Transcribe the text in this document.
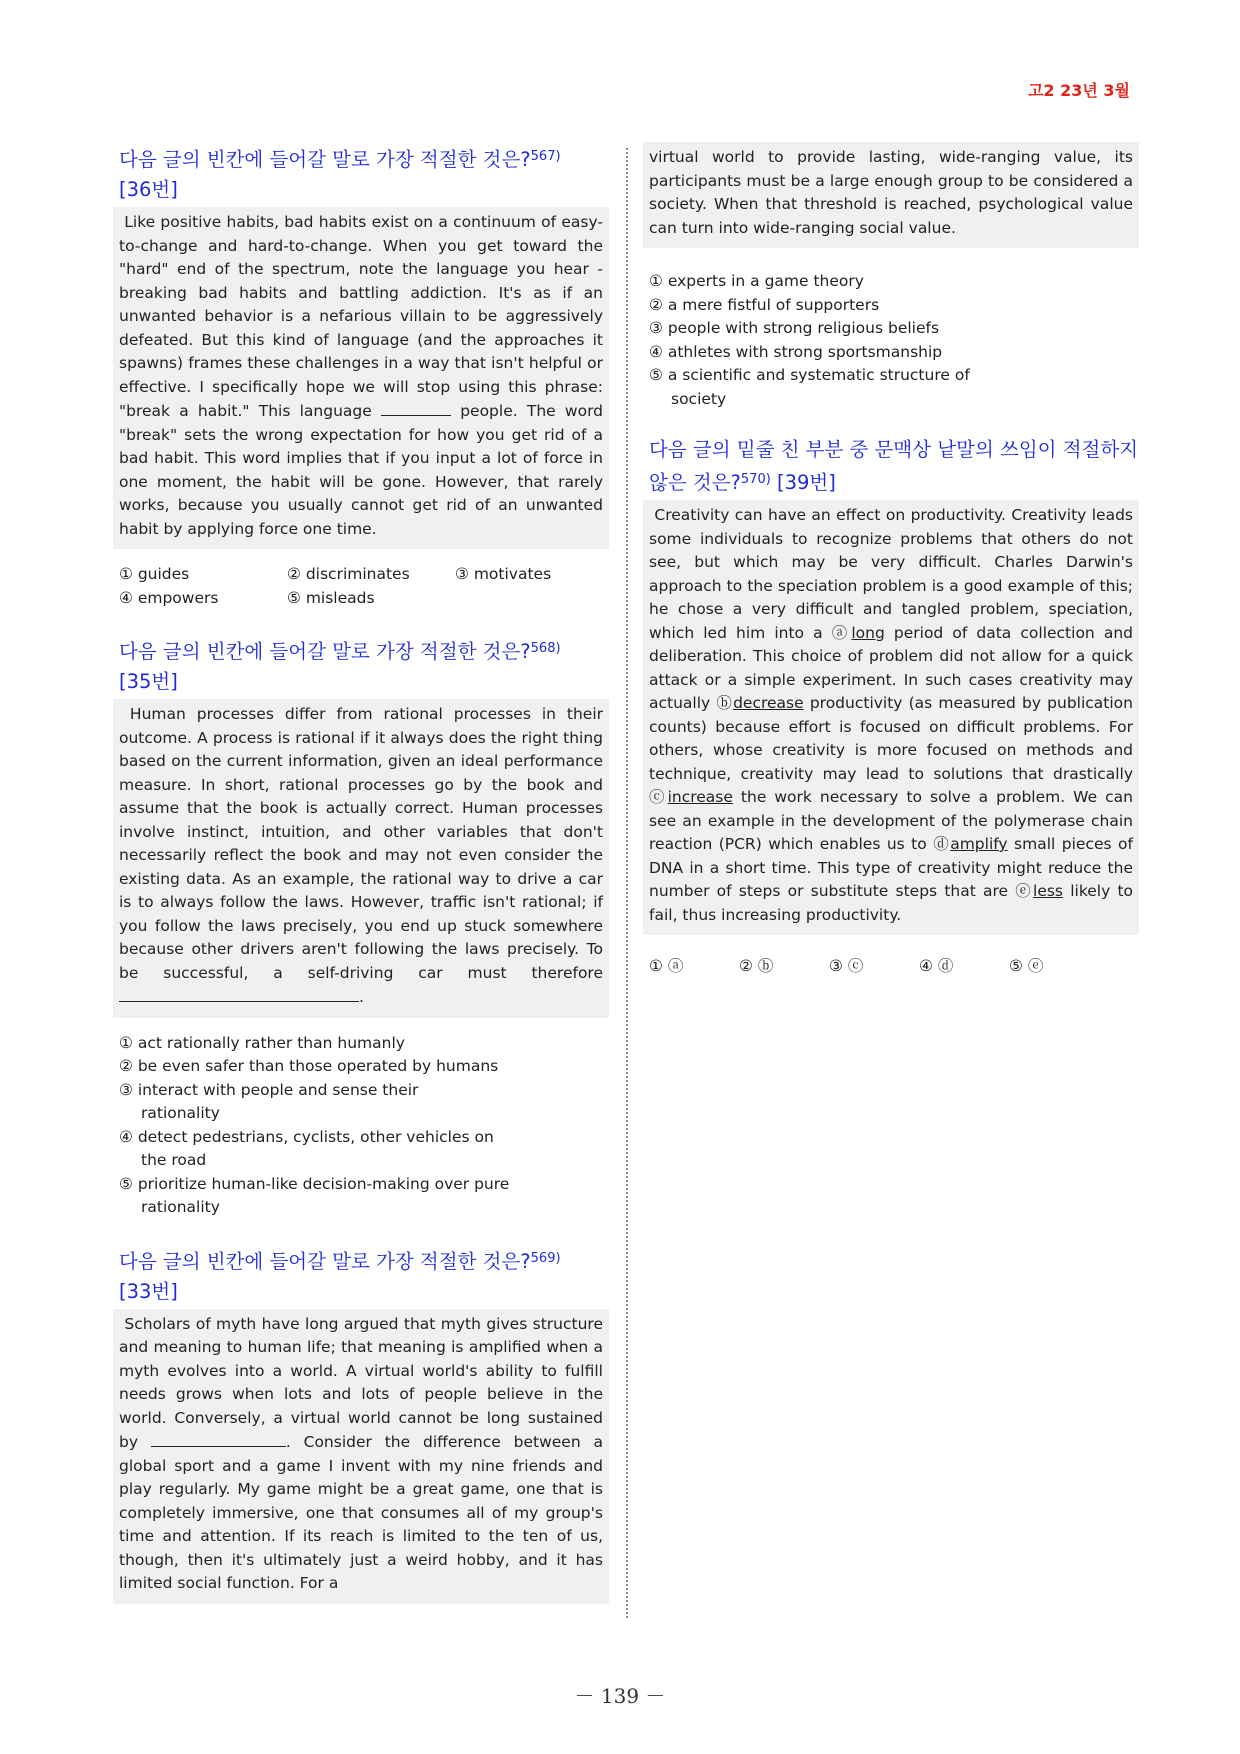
고2 23년 3월
다음 글의 빈칸에 들어갈 말로 가장 적절한 것은?$^{567)}$
[36번]

Like positive habits, bad habits exist on a continuum of easy-to-change and hard-to-change. When you get toward the "hard" end of the spectrum, note the language you hear - breaking bad habits and battling addiction. It's as if an unwanted behavior is a nefarious villain to be aggressively defeated. But this kind of language (and the approaches it spawns) frames these challenges in a way that isn't helpful or effective. I specifically hope we will stop using this phrase: "break a habit." This language	people. The word "break" sets the wrong expectation for how you get rid of a bad habit. This word implies that if you input a lot of force in one moment, the habit will be gone. However, that rarely works, because you usually cannot get rid of an unwanted habit by applying force one time.

① guides	② discriminates	③ motivates
④ empowers	⑤ misleads
다음 글의 빈칸에 들어갈 말로 가장 적절한 것은?$^{568)}$
[35번]

Human processes differ from rational processes in their outcome. A process is rational if it always does the right thing based on the current information, given an ideal performance measure. In short, rational processes go by the book and assume that the book is actually correct. Human processes involve instinct, intuition, and other variables that don't necessarily reflect the book and may not even consider the existing data. As an example, the rational way to drive a car is to always follow the laws. However, traffic isn't rational; if you follow the laws precisely, you end up stuck somewhere because other drivers aren't following the laws precisely. To be successful, a self-driving car must therefore .

① act rationally rather than humanly
② be even safer than those operated by humans
③ interact with people and sense their rationality
④ detect pedestrians, cyclists, other vehicles on the road
⑤ prioritize human-like decision-making over pure rationality
다음 글의 빈칸에 들어갈 말로 가장 적절한 것은?$^{569)}$
[33번]

Scholars of myth have long argued that myth gives structure and meaning to human life; that meaning is amplified when a myth evolves into a world. A virtual world's ability to fulfill needs grows when lots and lots of people believe in the world. Conversely, a virtual world cannot be long sustained by	. Consider the difference between a global sport and a game I invent with my nine friends and play regularly. My game might be a great game, one that is completely immersive, one that consumes all of my group's time and attention. If its reach is limited to the ten of us, though, then it's ultimately just a weird hobby, and it has limited social function. For a

virtual world to provide lasting, wide-ranging value, its participants must be a large enough group to be considered a society. When that threshold is reached, psychological value can turn into wide-ranging social value.

① experts in a game theory
② a mere fistful of supporters
③ people with strong religious beliefs
④ athletes with strong sportsmanship
⑤ a scientific and systematic structure of society
다음 글의 밑줄 친 부분 중 문맥상 낱말의 쓰임이 적절하지 않은 것은?$^{570)}$ [39번]

Creativity can have an effect on productivity. Creativity leads some individuals to recognize problems that others do not see, but which may be very difficult. Charles Darwin's approach to the speciation problem is a good example of this; he chose a very difficult and tangled problem, speciation, which led him into a ⓐlong period of data collection and deliberation. This choice of problem did not allow for a quick attack or a simple experiment. In such cases creativity may actually ⓑdecrease productivity (as measured by publication counts) because effort is focused on difficult problems. For others, whose creativity is more focused on methods and technique, creativity may lead to solutions that drastically ⓒincrease the work necessary to solve a problem. We can see an example in the development of the polymerase chain reaction (PCR) which enables us to ⓓamplify small pieces of DNA in a short time. This type of creativity might reduce the number of steps or substitute steps that are ⓔless likely to fail, thus increasing productivity.

① ⓐ	② ⓑ	③ ⓒ	④ ⓓ	⑤ ⓔ
－ 139 －
